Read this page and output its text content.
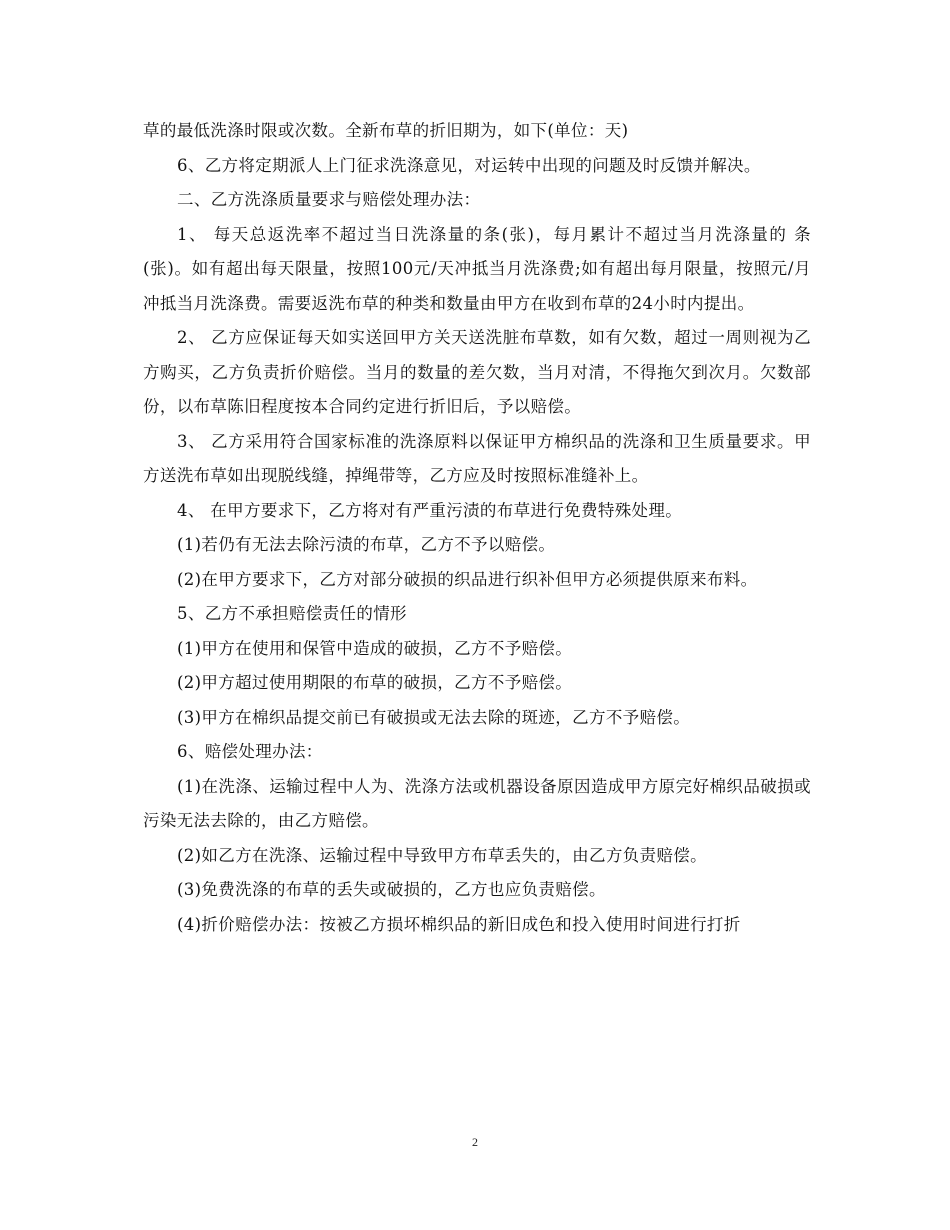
草的最低洗涤时限或次数。全新布草的折旧期为，如下(单位：天)

6、乙方将定期派人上门征求洗涤意见，对运转中出现的问题及时反馈并解决。

二、乙方洗涤质量要求与赔偿处理办法：

1、 每天总返洗率不超过当日洗涤量的条(张)，每月累计不超过当月洗涤量的 条(张)。如有超出每天限量，按照100元/天冲抵当月洗涤费;如有超出每月限量，按照元/月冲抵当月洗涤费。需要返洗布草的种类和数量由甲方在收到布草的24小时内提出。

2、 乙方应保证每天如实送回甲方关天送洗脏布草数，如有欠数，超过一周则视为乙方购买，乙方负责折价赔偿。当月的数量的差欠数，当月对清，不得拖欠到次月。欠数部份，以布草陈旧程度按本合同约定进行折旧后，予以赔偿。

3、 乙方采用符合国家标准的洗涤原料以保证甲方棉织品的洗涤和卫生质量要求。甲方送洗布草如出现脱线缝，掉绳带等，乙方应及时按照标准缝补上。

4、 在甲方要求下，乙方将对有严重污渍的布草进行免费特殊处理。

(1)若仍有无法去除污渍的布草，乙方不予以赔偿。

(2)在甲方要求下，乙方对部分破损的织品进行织补但甲方必须提供原来布料。

5、乙方不承担赔偿责任的情形

(1)甲方在使用和保管中造成的破损，乙方不予赔偿。

(2)甲方超过使用期限的布草的破损，乙方不予赔偿。

(3)甲方在棉织品提交前已有破损或无法去除的斑迹，乙方不予赔偿。

6、赔偿处理办法：

(1)在洗涤、运输过程中人为、洗涤方法或机器设备原因造成甲方原完好棉织品破损或污染无法去除的，由乙方赔偿。

(2)如乙方在洗涤、运输过程中导致甲方布草丢失的，由乙方负责赔偿。

(3)免费洗涤的布草的丢失或破损的，乙方也应负责赔偿。

(4)折价赔偿办法：按被乙方损坏棉织品的新旧成色和投入使用时间进行打折

2
